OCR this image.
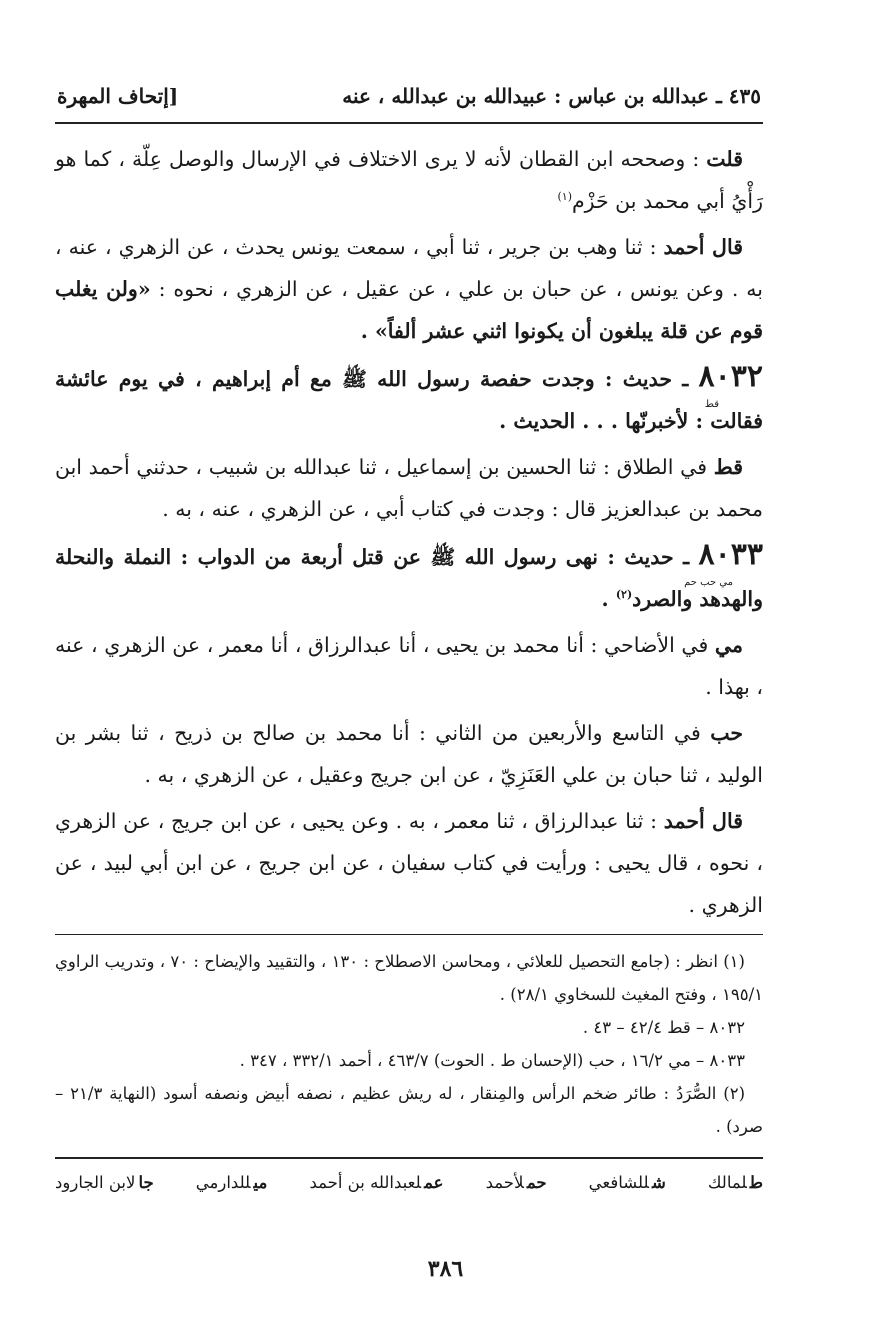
٤٣٥ ـ عبدالله بن عباس : عبيدالله بن عبدالله ، عنه
[إتحاف المهرة

قلت : وصححه ابن القطان لأنه لا يرى الاختلاف في الإرسال والوصل عِلّة ، كما هو رَأْيُ أبي محمد بن حَزْم$^{(١)}$

قال أحمد : ثنا وهب بن جرير ، ثنا أبي ، سمعت يونس يحدث ، عن الزهري ، عنه ، به . وعن يونس ، عن حبان بن علي ، عن عقيل ، عن الزهري ، نحوه : «ولن يغلب قوم عن قلة يبلغون أن يكونوا اثني عشر ألفاً» .

٨٠٣٢ ـ حديث : وجدت حفصة رسول الله ﷺ مع أم إبراهيم ، في يوم عائشة فقالت : لأخبرنّها . . . الحديث .

قط

قط في الطلاق : ثنا الحسين بن إسماعيل ، ثنا عبدالله بن شبيب ، حدثني أحمد ابن محمد بن عبدالعزيز قال : وجدت في كتاب أبي ، عن الزهري ، عنه ، به .

٨٠٣٣ ـ حديث : نهى رسول الله ﷺ عن قتل أربعة من الدواب : النملة والنحلة والهدهد والصرد$^{(٢)}$ .

مي حب حم

مي في الأضاحي : أنا محمد بن يحيى ، أنا عبدالرزاق ، أنا معمر ، عن الزهري ، عنه ، بهذا .

حب في التاسع والأربعين من الثاني : أنا محمد بن صالح بن ذريح ، ثنا بشر بن الوليد ، ثنا حبان بن علي العَنَزِيّ ، عن ابن جريج وعقيل ، عن الزهري ، به .

قال أحمد : ثنا عبدالرزاق ، ثنا معمر ، به . وعن يحيى ، عن ابن جريج ، عن الزهري ، نحوه ، قال يحيى : ورأيت في كتاب سفيان ، عن ابن جريج ، عن ابن أبي لبيد ، عن الزهري .

(١) انظر : (جامع التحصيل للعلائي ، ومحاسن الاصطلاح : ١٣٠ ، والتقييد والإيضاح : ٧٠ ، وتدريب الراوي ١٩٥/١ ، وفتح المغيث للسخاوي ٢٨/١) .

٨٠٣٢ – قط ٤٢/٤ – ٤٣ .

٨٠٣٣ – مي ١٦/٢ ، حب (الإحسان ط . الحوت) ٤٦٣/٧ ، أحمد ٣٣٢/١ ، ٣٤٧ .

(٢) الصُّرَدُ : طائر ضخم الرأس والمِنقار ، له ريش عظيم ، نصفه أبيض ونصفه أسود (النهاية ٢١/٣ – صرد) .

طلمالك
شللشافعي
حملأحمد
عملعبدالله بن أحمد
ميللدارمي
جالابن الجارود
٣٨٦
